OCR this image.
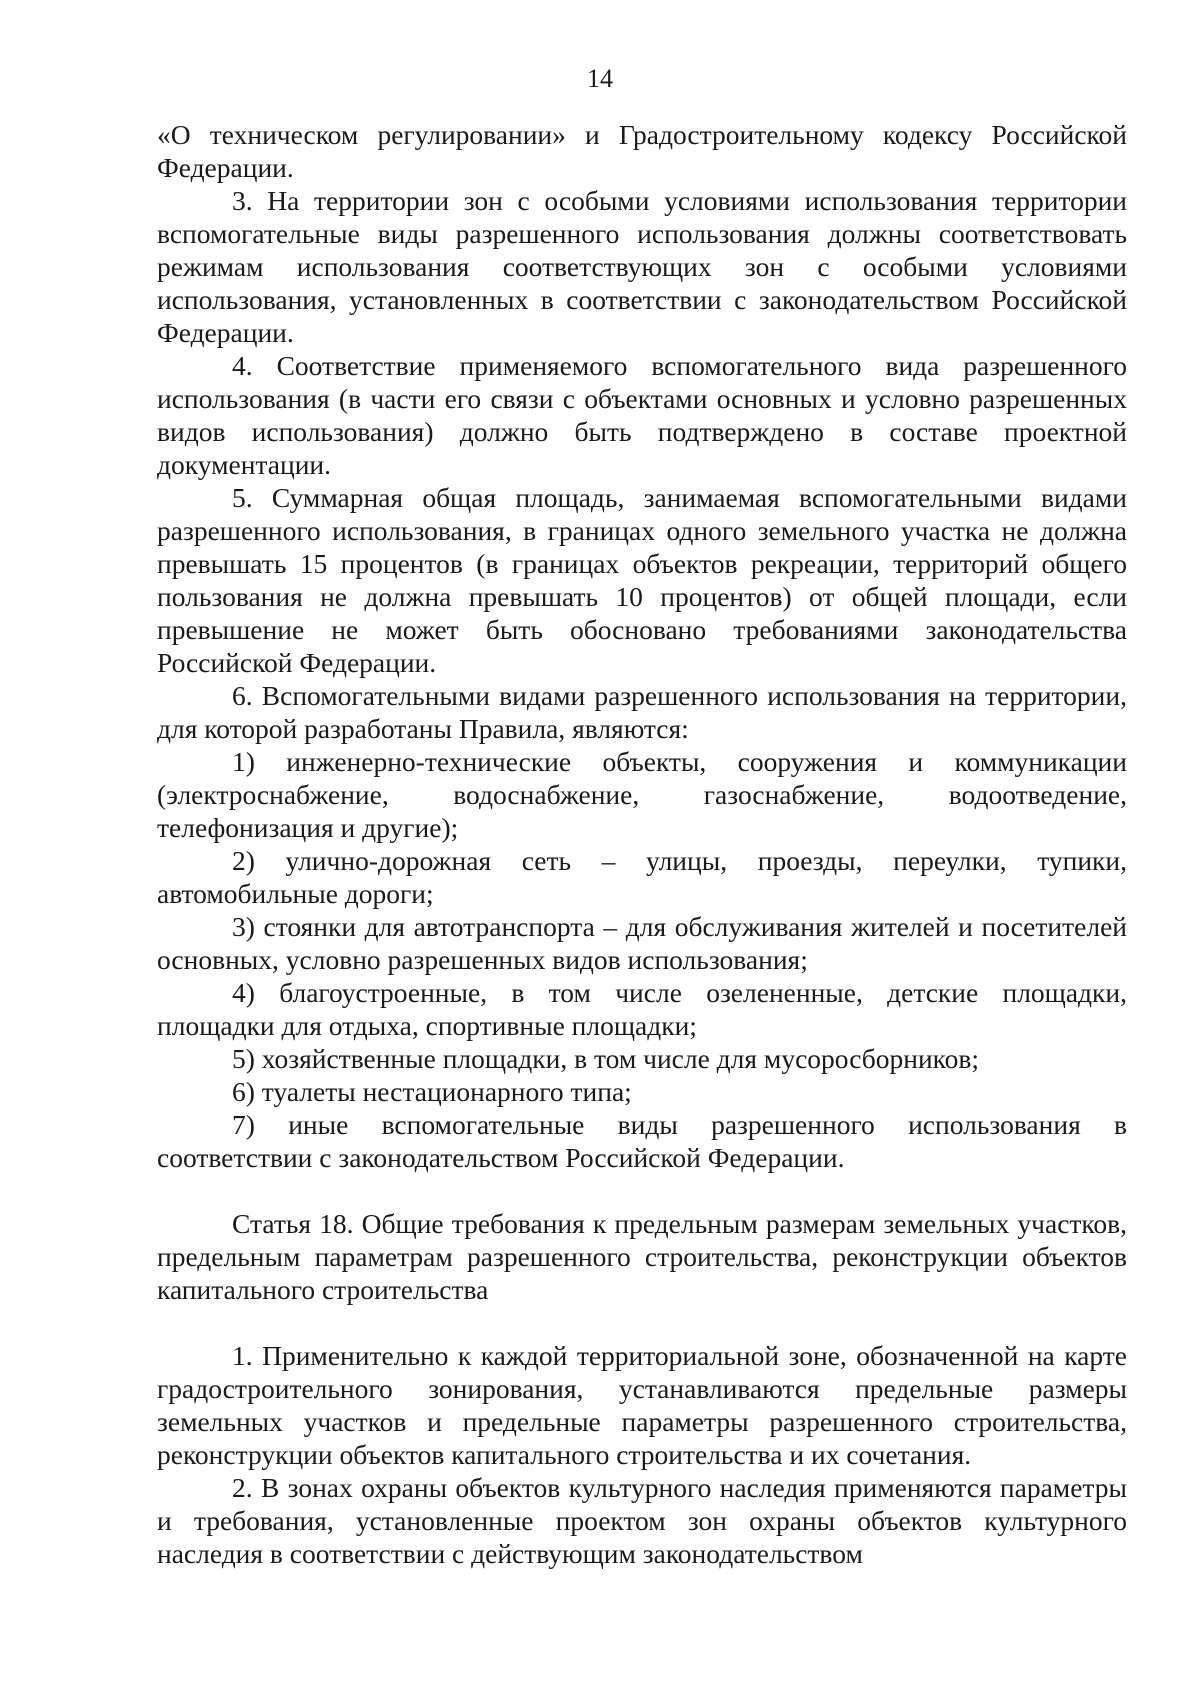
14

«О техническом регулировании» и Градостроительному кодексу Российской Федерации.

3. На территории зон с особыми условиями использования территории вспомогательные виды разрешенного использования должны соответствовать режимам использования соответствующих зон с особыми условиями использования, установленных в соответствии с законодательством Российской Федерации.

4. Соответствие применяемого вспомогательного вида разрешенного использования (в части его связи с объектами основных и условно разрешенных видов использования) должно быть подтверждено в составе проектной документации.

5. Суммарная общая площадь, занимаемая вспомогательными видами разрешенного использования, в границах одного земельного участка не должна превышать 15 процентов (в границах объектов рекреации, территорий общего пользования не должна превышать 10 процентов) от общей площади, если превышение не может быть обосновано требованиями законодательства Российской Федерации.

6. Вспомогательными видами разрешенного использования на территории, для которой разработаны Правила, являются:

1) инженерно-технические объекты, сооружения и коммуникации (электроснабжение, водоснабжение, газоснабжение, водоотведение, телефонизация и другие);

2) улично-дорожная сеть – улицы, проезды, переулки, тупики, автомобильные дороги;

3) стоянки для автотранспорта – для обслуживания жителей и посетителей основных, условно разрешенных видов использования;

4) благоустроенные, в том числе озелененные, детские площадки, площадки для отдыха, спортивные площадки;

5) хозяйственные площадки, в том числе для мусоросборников;

6) туалеты нестационарного типа;

7) иные вспомогательные виды разрешенного использования в соответствии с законодательством Российской Федерации.

Статья 18. Общие требования к предельным размерам земельных участков, предельным параметрам разрешенного строительства, реконструкции объектов капитального строительства

1. Применительно к каждой территориальной зоне, обозначенной на карте градостроительного зонирования, устанавливаются предельные размеры земельных участков и предельные параметры разрешенного строительства, реконструкции объектов капитального строительства и их сочетания.

2. В зонах охраны объектов культурного наследия применяются параметры и требования, установленные проектом зон охраны объектов культурного наследия в соответствии с действующим законодательством
